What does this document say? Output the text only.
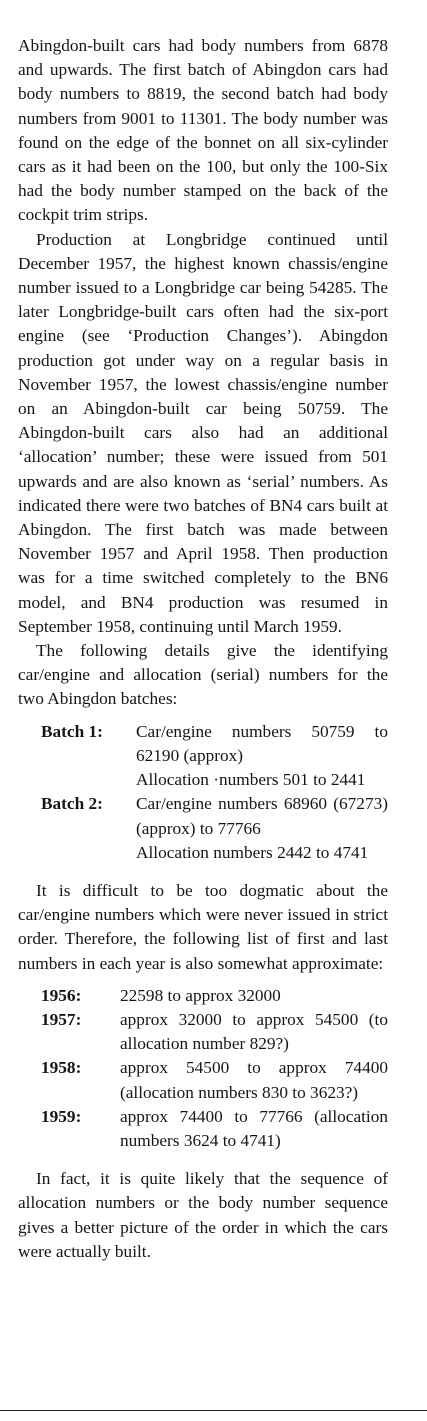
Abingdon-built cars had body numbers from 6878 and upwards. The first batch of Abingdon cars had body numbers to 8819, the second batch had body numbers from 9001 to 11301. The body number was found on the edge of the bonnet on all six-cylinder cars as it had been on the 100, but only the 100-Six had the body number stamped on the back of the cockpit trim strips.

Production at Longbridge continued until December 1957, the highest known chassis/engine number issued to a Longbridge car being 54285. The later Longbridge-built cars often had the six-port engine (see ‘Production Changes’). Abingdon production got under way on a regular basis in November 1957, the lowest chassis/engine number on an Abingdon-built car being 50759. The Abingdon-built cars also had an additional ‘allocation’ number; these were issued from 501 upwards and are also known as ‘serial’ numbers. As indicated there were two batches of BN4 cars built at Abingdon. The first batch was made between November 1957 and April 1958. Then production was for a time switched completely to the BN6 model, and BN4 production was resumed in September 1958, continuing until March 1959.

The following details give the identifying car/engine and allocation (serial) numbers for the two Abingdon batches:

Batch 1:	Car/engine numbers 50759 to 62190 (approx)
Allocation ·numbers 501 to 2441
Batch 2:	Car/engine numbers 68960 (67273) (approx) to 77766
Allocation numbers 2442 to 4741

It is difficult to be too dogmatic about the car/engine numbers which were never issued in strict order. Therefore, the following list of first and last numbers in each year is also somewhat approximate:

1956:	22598 to approx 32000
1957:	approx 32000 to approx 54500 (to allocation number 829?)
1958:	approx 54500 to approx 74400 (allocation numbers 830 to 3623?)
1959:	approx 74400 to 77766 (allocation numbers 3624 to 4741)

In fact, it is quite likely that the sequence of allocation numbers or the body number sequence gives a better picture of the order in which the cars were actually built.
